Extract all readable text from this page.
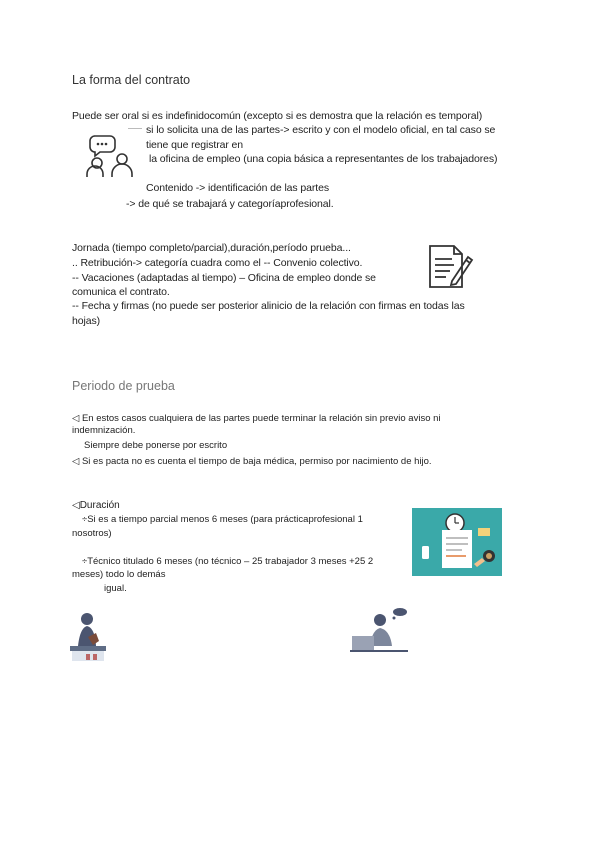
La forma del contrato
Puede ser oral si es indefinidocomún (excepto si es demostra que la relación es temporal)
si lo solicita una de las partes-> escrito y con el modelo oficial, en tal caso se
tiene que registrar en
la oficina de empleo (una copia básica a representantes de los trabajadores)
Contenido -> identificación de las partes
-> de qué se trabajará y categoríaprofesional.
Jornada (tiempo completo/parcial),duración,período prueba...
.. Retribución-> categoría cuadra como el -- Convenio colectivo.
-- Vacaciones (adaptadas al tiempo) – Oficina de empleo donde se
comunica el contrato.
-- Fecha y firmas (no puede ser posterior alinicio de la relación con firmas en todas las
hojas)
Periodo de prueba
◁ En estos casos cualquiera de las partes puede terminar la relación sin previo aviso ni
indemnización.
Siempre debe ponerse por escrito
◁ Si es pacta no es cuenta el tiempo de baja médica, permiso por nacimiento de hijo.
◁Duración
÷Si es a tiempo parcial menos 6 meses (para prácticaprofesional 1
nosotros)
÷Técnico titulado 6 meses (no técnico – 25 trabajador 3 meses +25 2
meses) todo lo demás
igual.
